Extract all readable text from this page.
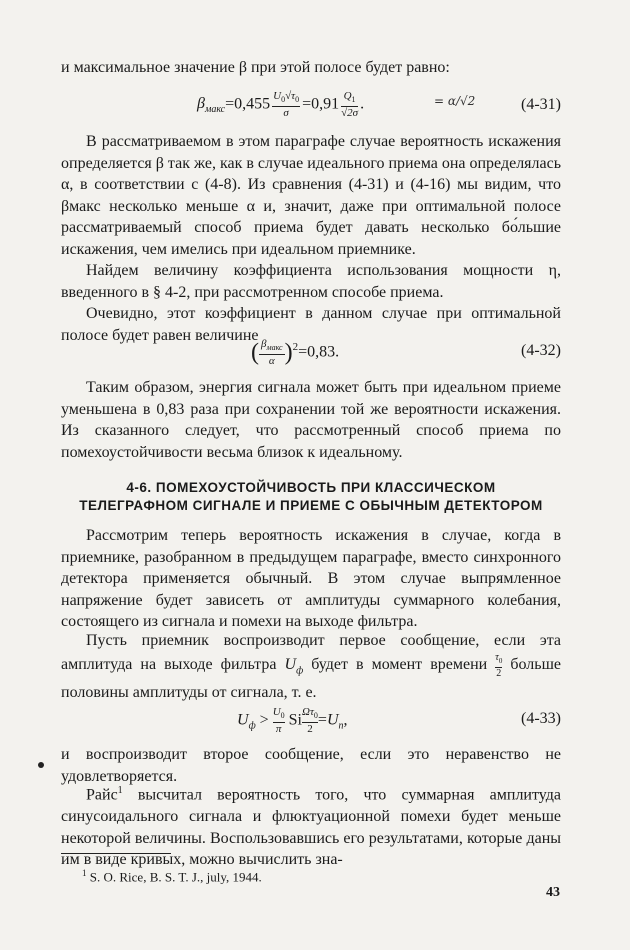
и максимальное значение β при этой полосе будет равно:
$\beta_{макс}=0,455 \frac{U_0√\tau_0}{\sigma} =0,91 \frac{Q_1}{√2\sigma}$ .	= α/√2	(4-31)
В рассматриваемом в этом параграфе случае вероятность искажения определяется β так же, как в случае идеального приема она определялась α, в соответствии с (4-8). Из сравнения (4-31) и (4-16) мы видим, что βмакс несколько меньше α и, значит, даже при оптимальной полосе рассматриваемый способ приема будет давать несколько бо́льшие искажения, чем имелись при идеальном приемнике.
Найдем величину коэффициента использования мощности η, введенного в § 4-2, при рассмотренном способе приема.
Очевидно, этот коэффициент в данном случае при оптимальной полосе будет равен величине
( $\beta_{макс}$
α )$^2$=0,83.	(4-32)
Таким образом, энергия сигнала может быть при идеальном приеме уменьшена в 0,83 раза при сохранении той же вероятности искажения. Из сказанного следует, что рассмотренный способ приема по помехоустойчивости весьма близок к идеальному.
4-6. ПОМЕХОУСТОЙЧИВОСТЬ ПРИ КЛАССИЧЕСКОМ
ТЕЛЕГРАФНОМ СИГНАЛЕ И ПРИЕМЕ С ОБЫЧНЫМ ДЕТЕКТОРОМ
Рассмотрим теперь вероятность искажения в случае, когда в приемнике, разобранном в предыдущем параграфе, вместо синхронного детектора применяется обычный. В этом случае выпрямленное напряжение будет зависеть от амплитуды суммарного колебания, состоящего из сигнала и помехи на выходе фильтра.
Пусть приемник воспроизводит первое сообщение, если эта амплитуда на выходе фильтра $U_ф$ будет в момент времени $\frac{\tau_0}{2}$ больше половины амплитуды от сигнала, т. е.
$U_ф > \frac{U_0}{\pi}$ Si $\frac{\Omega\tau_0}{2} =U_п$,	(4-33)
и воспроизводит второе сообщение, если это неравенство не удовлетворяется.
Райс$^1$ высчитал вероятность того, что суммарная амплитуда синусоидального сигнала и флюктуационной помехи будет меньше некоторой величины. Воспользовавшись его результатами, которые даны им в виде кривых, можно вычислить зна-
$^1$ S. O. Rice, B. S. T. J., july, 1944.
43
